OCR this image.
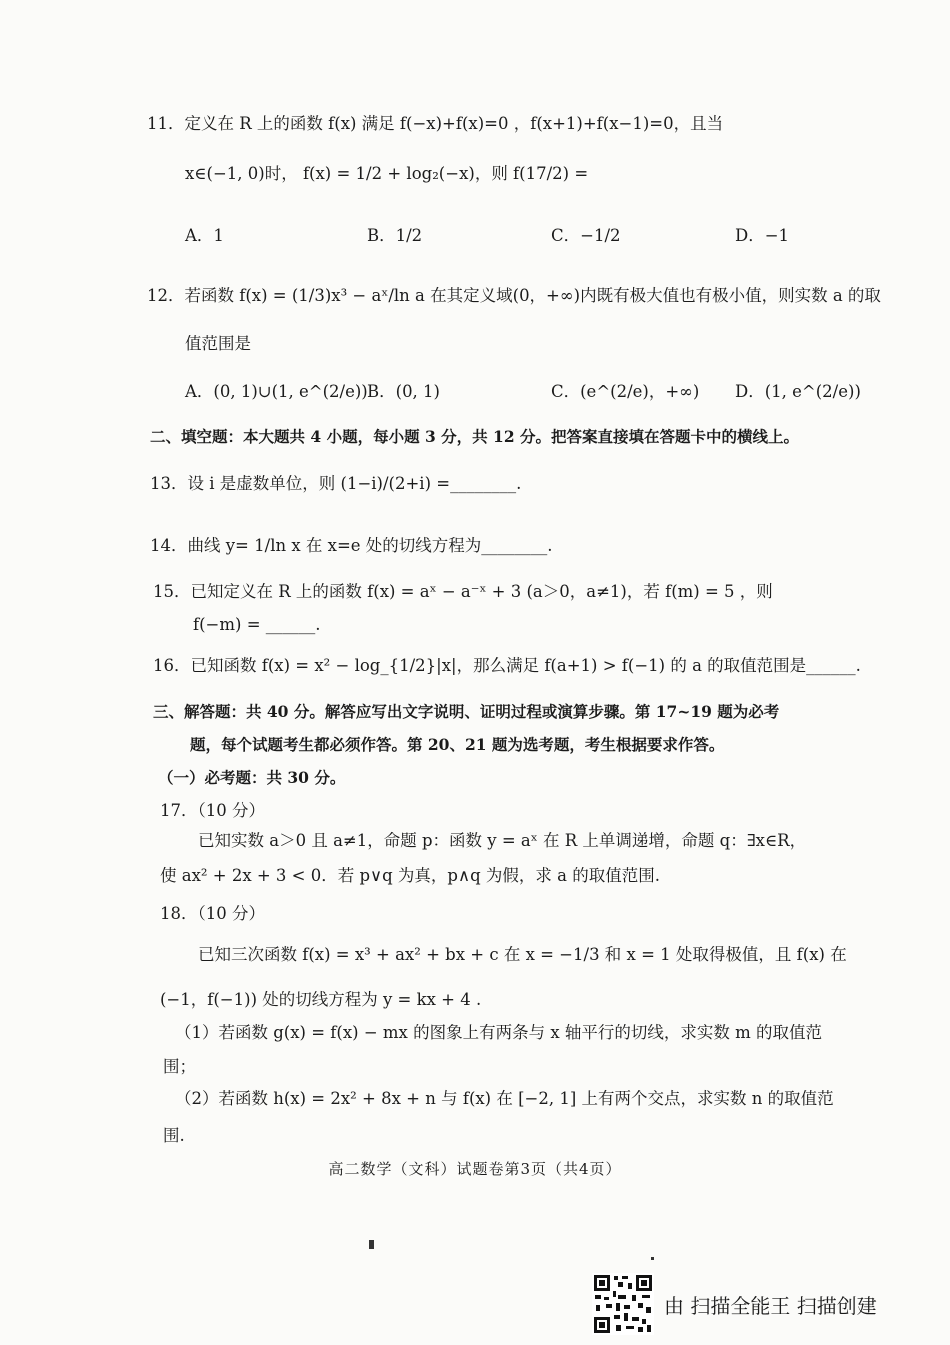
11．定义在 R 上的函数 f(x) 满足 f(−x)+f(x)=0 ，f(x+1)+f(x−1)=0，且当
x∈(−1, 0)时， f(x) = 1/2 + log₂(−x)，则 f(17/2) =
A．1	B．1/2	C．−1/2	D．−1
12．若函数 f(x) = (1/3)x³ − aˣ/ln a 在其定义域(0，+∞)内既有极大值也有极小值，则实数 a 的取
值范围是
A．(0, 1)∪(1, e^(2/e)) B．(0, 1)	C．(e^(2/e)，+∞) D．(1, e^(2/e))
二、填空题：本大题共 4 小题，每小题 3 分，共 12 分。把答案直接填在答题卡中的横线上。
13．设 i 是虚数单位，则 (1−i)/(2+i) =________.
14．曲线 y= 1/ln x 在 x=e 处的切线方程为________.
15．已知定义在 R 上的函数 f(x) = aˣ − a⁻ˣ + 3 (a＞0，a≠1)，若 f(m) = 5 ，则
f(−m) = ______.
16．已知函数 f(x) = x² − log_{1/2}|x|，那么满足 f(a+1) > f(−1) 的 a 的取值范围是______.
三、解答题：共 40 分。解答应写出文字说明、证明过程或演算步骤。第 17~19 题为必考
题，每个试题考生都必须作答。第 20、21 题为选考题，考生根据要求作答。
（一）必考题：共 30 分。
17．（10 分）
已知实数 a＞0 且 a≠1，命题 p：函数 y = aˣ 在 R 上单调递增，命题 q：∃x∈R，
使 ax² + 2x + 3 < 0．若 p∨q 为真，p∧q 为假，求 a 的取值范围.
18．（10 分）
已知三次函数 f(x) = x³ + ax² + bx + c 在 x = −1/3 和 x = 1 处取得极值，且 f(x) 在
(−1，f(−1)) 处的切线方程为 y = kx + 4 .
（1）若函数 g(x) = f(x) − mx 的图象上有两条与 x 轴平行的切线，求实数 m 的取值范
围；
（2）若函数 h(x) = 2x² + 8x + n 与 f(x) 在 [−2, 1] 上有两个交点，求实数 n 的取值范
围.
高二数学（文科）试题卷第3页（共4页）
由 扫描全能王 扫描创建
